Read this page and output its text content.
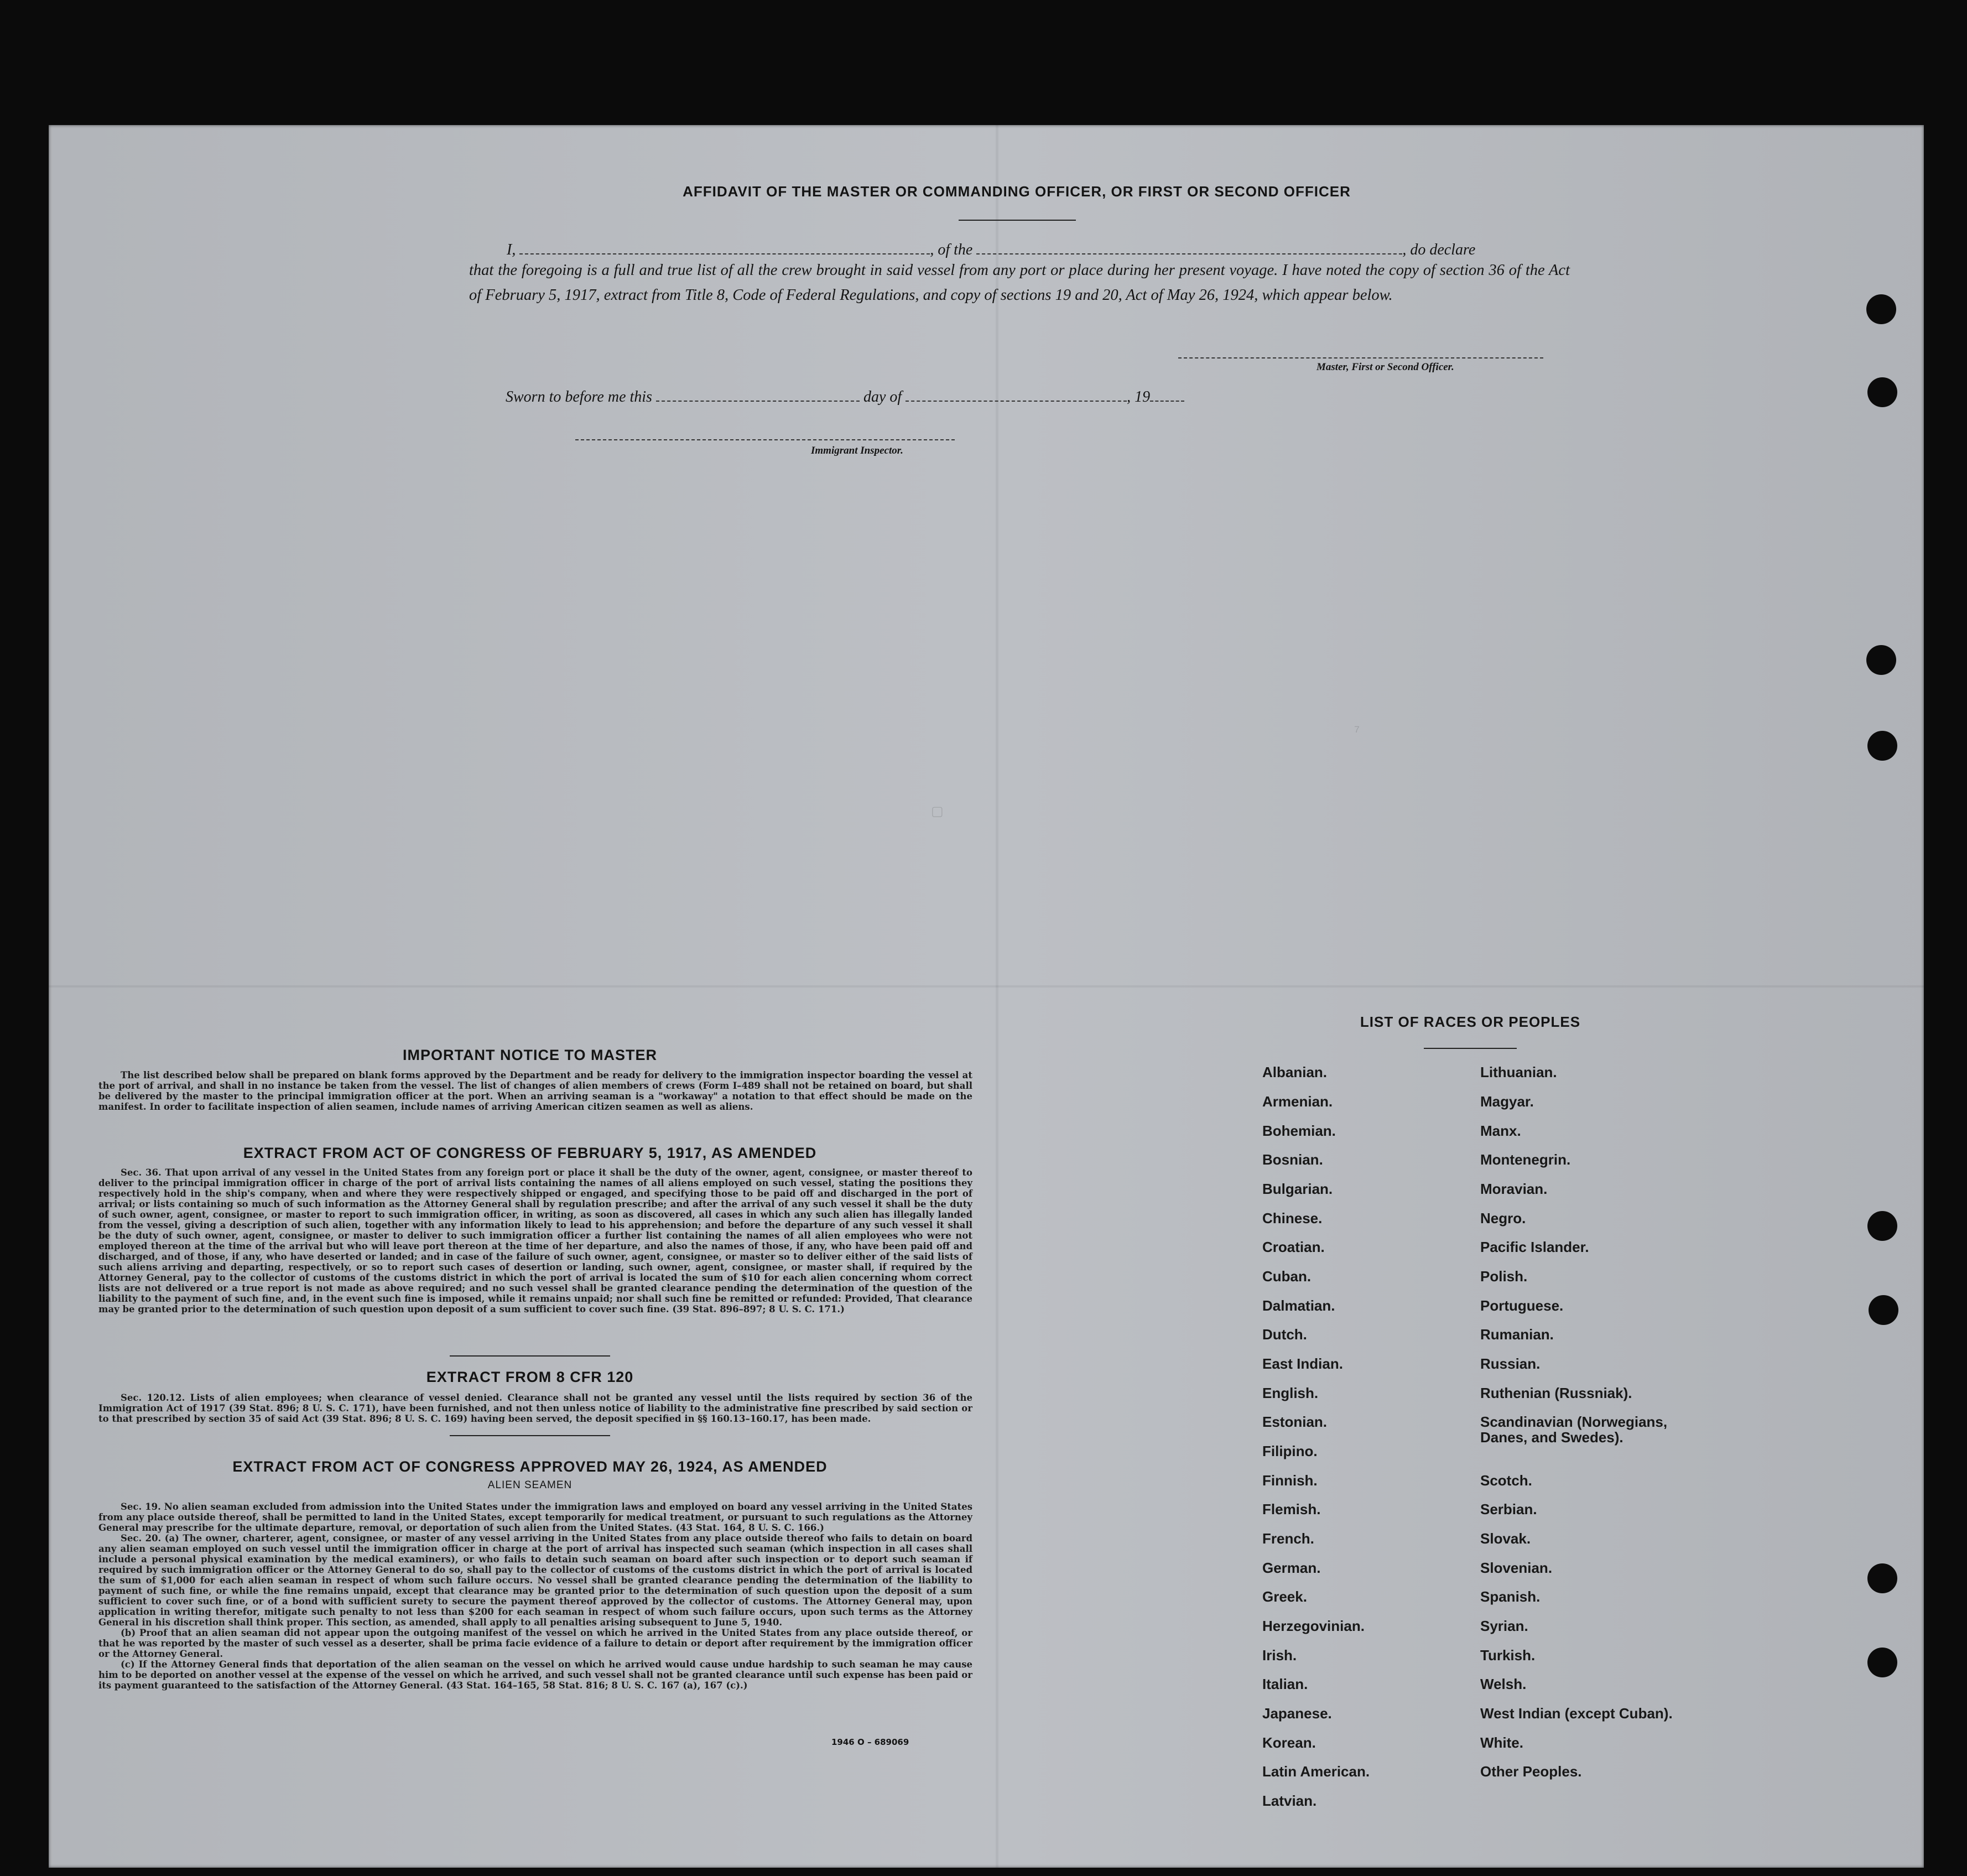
▢
⁷
AFFIDAVIT OF THE MASTER OR COMMANDING OFFICER, OR FIRST OR SECOND OFFICER
I,	, of the	, do declare
that the foregoing is a full and true list of all the crew brought in said vessel from any port or place during her present voyage. I have noted the copy of section 36 of the Act of February 5, 1917, extract from Title 8, Code of Federal Regulations, and copy of sections 19 and 20, Act of May 26, 1924, which appear below.
Master, First or Second Officer.
Sworn to before me this	day of	, 19
Immigrant Inspector.
IMPORTANT NOTICE TO MASTER
The list described below shall be prepared on blank forms approved by the Department and be ready for delivery to the immigration inspector boarding the vessel at the port of arrival, and shall in no instance be taken from the vessel. The list of changes of alien members of crews (Form I–489 shall not be retained on board, but shall be delivered by the master to the principal immigration officer at the port. When an arriving seaman is a "workaway" a notation to that effect should be made on the manifest. In order to facilitate inspection of alien seamen, include names of arriving American citizen seamen as well as aliens.
EXTRACT FROM ACT OF CONGRESS OF FEBRUARY 5, 1917, AS AMENDED
Sec. 36. That upon arrival of any vessel in the United States from any foreign port or place it shall be the duty of the owner, agent, consignee, or master thereof to deliver to the principal immigration officer in charge of the port of arrival lists containing the names of all aliens employed on such vessel, stating the positions they respectively hold in the ship's company, when and where they were respectively shipped or engaged, and specifying those to be paid off and discharged in the port of arrival; or lists containing so much of such information as the Attorney General shall by regulation prescribe; and after the arrival of any such vessel it shall be the duty of such owner, agent, consignee, or master to report to such immigration officer, in writing, as soon as discovered, all cases in which any such alien has illegally landed from the vessel, giving a description of such alien, together with any information likely to lead to his apprehension; and before the departure of any such vessel it shall be the duty of such owner, agent, consignee, or master to deliver to such immigration officer a further list containing the names of all alien employees who were not employed thereon at the time of the arrival but who will leave port thereon at the time of her departure, and also the names of those, if any, who have been paid off and discharged, and of those, if any, who have deserted or landed; and in case of the failure of such owner, agent, consignee, or master so to deliver either of the said lists of such aliens arriving and departing, respectively, or so to report such cases of desertion or landing, such owner, agent, consignee, or master shall, if required by the Attorney General, pay to the collector of customs of the customs district in which the port of arrival is located the sum of $10 for each alien concerning whom correct lists are not delivered or a true report is not made as above required; and no such vessel shall be granted clearance pending the determination of the question of the liability to the payment of such fine, and, in the event such fine is imposed, while it remains unpaid; nor shall such fine be remitted or refunded: Provided, That clearance may be granted prior to the determination of such question upon deposit of a sum sufficient to cover such fine. (39 Stat. 896–897; 8 U. S. C. 171.)
EXTRACT FROM 8 CFR 120
Sec. 120.12. Lists of alien employees; when clearance of vessel denied. Clearance shall not be granted any vessel until the lists required by section 36 of the Immigration Act of 1917 (39 Stat. 896; 8 U. S. C. 171), have been furnished, and not then unless notice of liability to the administrative fine prescribed by said section or to that prescribed by section 35 of said Act (39 Stat. 896; 8 U. S. C. 169) having been served, the deposit specified in §§ 160.13–160.17, has been made.
EXTRACT FROM ACT OF CONGRESS APPROVED MAY 26, 1924, AS AMENDED
ALIEN SEAMEN

Sec. 19. No alien seaman excluded from admission into the United States under the immigration laws and employed on board any vessel arriving in the United States from any place outside thereof, shall be permitted to land in the United States, except temporarily for medical treatment, or pursuant to such regulations as the Attorney General may prescribe for the ultimate departure, removal, or deportation of such alien from the United States. (43 Stat. 164, 8 U. S. C. 166.)

Sec. 20. (a) The owner, charterer, agent, consignee, or master of any vessel arriving in the United States from any place outside thereof who fails to detain on board any alien seaman employed on such vessel until the immigration officer in charge at the port of arrival has inspected such seaman (which inspection in all cases shall include a personal physical examination by the medical examiners), or who fails to detain such seaman on board after such inspection or to deport such seaman if required by such immigration officer or the Attorney General to do so, shall pay to the collector of customs of the customs district in which the port of arrival is located the sum of $1,000 for each alien seaman in respect of whom such failure occurs. No vessel shall be granted clearance pending the determination of the liability to payment of such fine, or while the fine remains unpaid, except that clearance may be granted prior to the determination of such question upon the deposit of a sum sufficient to cover such fine, or of a bond with sufficient surety to secure the payment thereof approved by the collector of customs. The Attorney General may, upon application in writing therefor, mitigate such penalty to not less than $200 for each seaman in respect of whom such failure occurs, upon such terms as the Attorney General in his discretion shall think proper. This section, as amended, shall apply to all penalties arising subsequent to June 5, 1940.

(b) Proof that an alien seaman did not appear upon the outgoing manifest of the vessel on which he arrived in the United States from any place outside thereof, or that he was reported by the master of such vessel as a deserter, shall be prima facie evidence of a failure to detain or deport after requirement by the immigration officer or the Attorney General.

(c) If the Attorney General finds that deportation of the alien seaman on the vessel on which he arrived would cause undue hardship to such seaman he may cause him to be deported on another vessel at the expense of the vessel on which he arrived, and such vessel shall not be granted clearance until such expense has been paid or its payment guaranteed to the satisfaction of the Attorney General. (43 Stat. 164–165, 58 Stat. 816; 8 U. S. C. 167 (a), 167 (c).)

1946 O – 689069
LIST OF RACES OR PEOPLES
Albanian.
Armenian.
Bohemian.
Bosnian.
Bulgarian.
Chinese.
Croatian.
Cuban.
Dalmatian.
Dutch.
East Indian.
English.
Estonian.
Filipino.
Finnish.
Flemish.
French.
German.
Greek.
Herzegovinian.
Irish.
Italian.
Japanese.
Korean.
Latin American.
Latvian.
Lithuanian.
Magyar.
Manx.
Montenegrin.
Moravian.
Negro.
Pacific Islander.
Polish.
Portuguese.
Rumanian.
Russian.
Ruthenian (Russniak).
Scandinavian (Norwegians, Danes, and Swedes).
Scotch.
Serbian.
Slovak.
Slovenian.
Spanish.
Syrian.
Turkish.
Welsh.
West Indian (except Cuban).
White.
Other Peoples.
